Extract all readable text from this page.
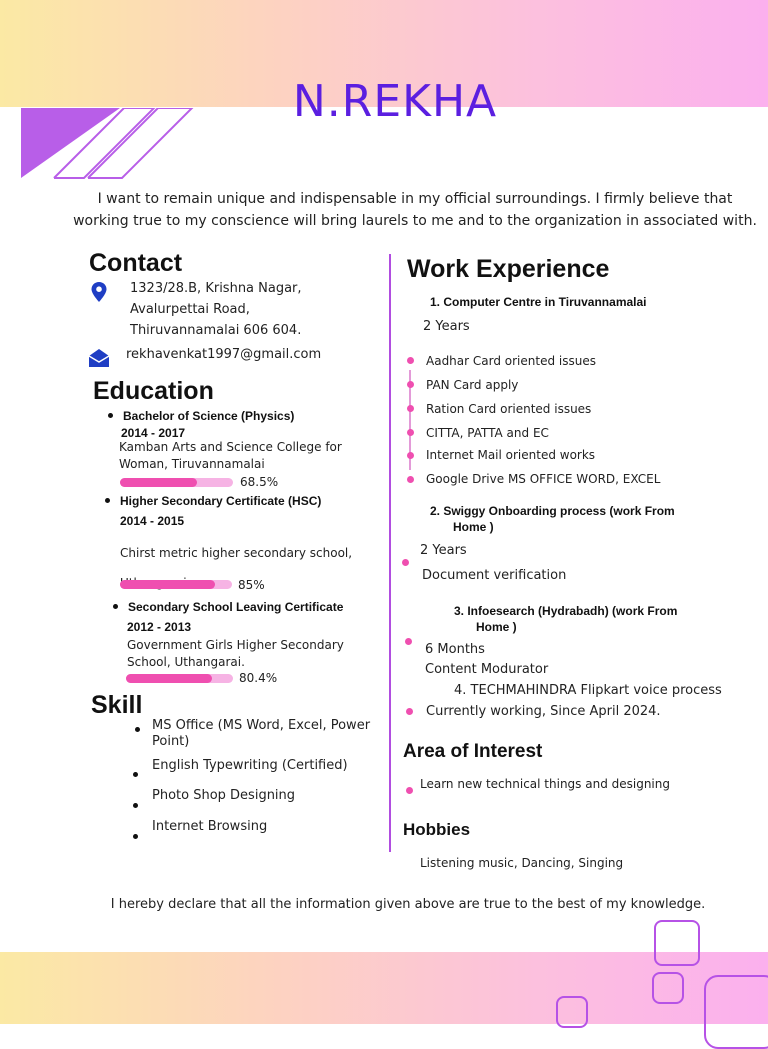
N.REKHA
I want to remain unique and indispensable in my official surroundings. I firmly believe that working true to my conscience will bring laurels to me and to the organization in associated with.
Contact
1323/28.B, Krishna Nagar,
Avalurpettai Road,
Thiruvannamalai 606 604.
rekhavenkat1997@gmail.com
Education
Bachelor of Science (Physics)
2014 - 2017
Kamban Arts and Science College for
Woman, Tiruvannamalai
68.5%
Higher Secondary Certificate (HSC)
2014 - 2015
Chirst metric higher secondary school,
85%
Secondary School Leaving Certificate
2012 - 2013
Government Girls Higher Secondary
School, Uthangarai.
80.4%
Skill
MS Office (MS Word, Excel, Power
Point)
English Typewriting (Certified)
Photo Shop Designing
Internet Browsing
Work Experience
1. Computer Centre in Tiruvannamalai
2 Years
Aadhar Card oriented issues
PAN Card apply
Ration Card oriented issues
CITTA, PATTA and EC
Internet Mail oriented works
Google Drive MS OFFICE WORD, EXCEL
2. Swiggy Onboarding process (work From
Home )
2 Years
Document verification
3. Infoesearch (Hydrabadh) (work From
Home )
6 Months
Content Modurator
4. TECHMAHINDRA Flipkart voice process
Currently working, Since April 2024.
Area of Interest
Learn new technical things and designing
Hobbies
Listening music, Dancing, Singing
I hereby declare that all the information given above are true to the best of my knowledge.
